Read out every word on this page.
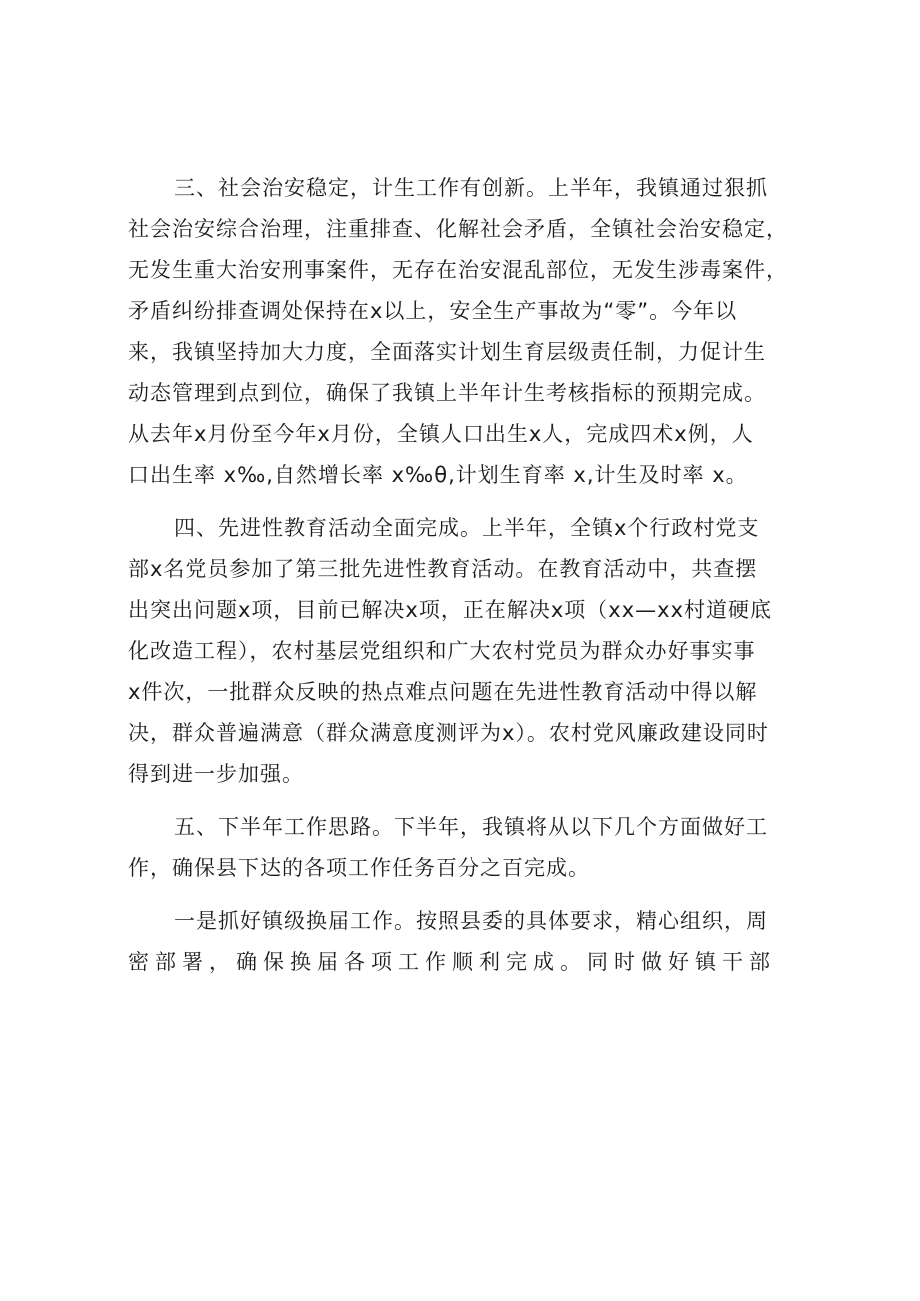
三、社会治安稳定，计生工作有创新。上半年，我镇通过狠抓
社会治安综合治理，注重排查、化解社会矛盾，全镇社会治安稳定，
无发生重大治安刑事案件，无存在治安混乱部位，无发生涉毒案件，
矛盾纠纷排查调处保持在x以上，安全生产事故为“零”。今年以
来，我镇坚持加大力度，全面落实计划生育层级责任制，力促计生
动态管理到点到位，确保了我镇上半年计生考核指标的预期完成。
从去年x月份至今年x月份，全镇人口出生x人，完成四术x例，人
口出生率 x‰,自然增长率 x‰θ,计划生育率 x,计生及时率 x。
四、先进性教育活动全面完成。上半年，全镇x个行政村党支
部x名党员参加了第三批先进性教育活动。在教育活动中，共查摆
出突出问题x项，目前已解决x项，正在解决x项（xx—xx村道硬底
化改造工程），农村基层党组织和广大农村党员为群众办好事实事
x件次，一批群众反映的热点难点问题在先进性教育活动中得以解
决，群众普遍满意（群众满意度测评为x）。农村党风廉政建设同时
得到进一步加强。
五、下半年工作思路。下半年，我镇将从以下几个方面做好工
作，确保县下达的各项工作任务百分之百完成。
一是抓好镇级换届工作。按照县委的具体要求，精心组织，周
密部署，确保换届各项工作顺利完成。同时做好镇干部
